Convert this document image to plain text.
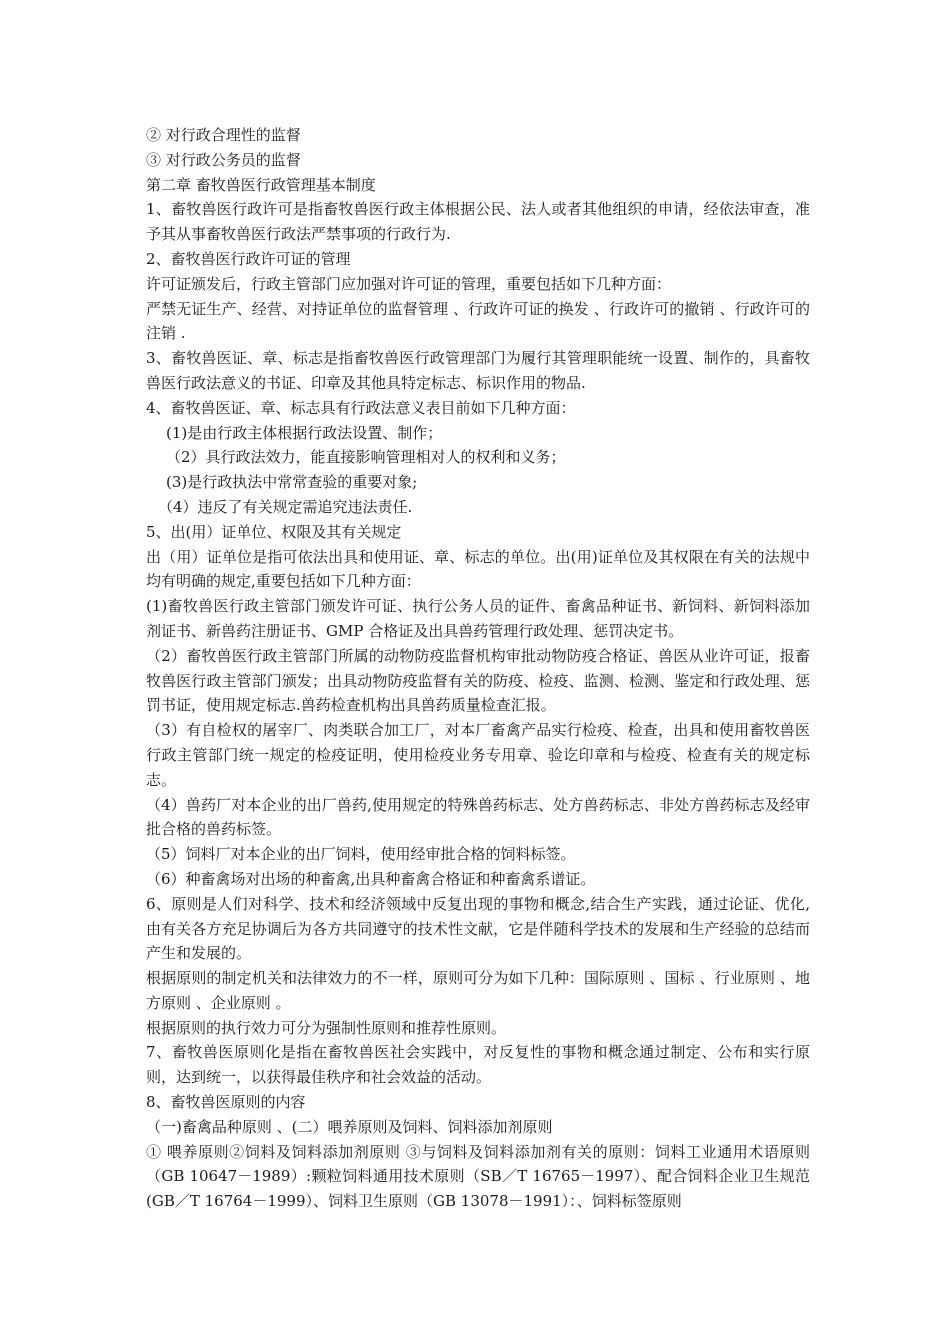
② 对行政合理性的监督

③ 对行政公务员的监督

第二章 畜牧兽医行政管理基本制度

1、畜牧兽医行政许可是指畜牧兽医行政主体根据公民、法人或者其他组织的申请，经依法审查，准予其从事畜牧兽医行政法严禁事项的行政行为.

2、畜牧兽医行政许可证的管理

许可证颁发后，行政主管部门应加强对许可证的管理，重要包括如下几种方面：

严禁无证生产、经营、对持证单位的监督管理 、行政许可证的换发 、行政许可的撤销 、行政许可的注销 .

3、畜牧兽医证、章、标志是指畜牧兽医行政管理部门为履行其管理职能统一设置、制作的，具畜牧兽医行政法意义的书证、印章及其他具特定标志、标识作用的物品.

4、畜牧兽医证、章、标志具有行政法意义表目前如下几种方面：

(1)是由行政主体根据行政法设置、制作；

（2）具行政法效力，能直接影响管理相对人的权利和义务；

(3)是行政执法中常常查验的重要对象;

（4）违反了有关规定需追究违法责任.

5、出(用）证单位、权限及其有关规定

出（用）证单位是指可依法出具和使用证、章、标志的单位。出(用)证单位及其权限在有关的法规中均有明确的规定,重要包括如下几种方面：

(1)畜牧兽医行政主管部门颁发许可证、执行公务人员的证件、畜禽品种证书、新饲料、新饲料添加剂证书、新兽药注册证书、GMP 合格证及出具兽药管理行政处理、惩罚决定书。

（2）畜牧兽医行政主管部门所属的动物防疫监督机构审批动物防疫合格证、兽医从业许可证，报畜牧兽医行政主管部门颁发；出具动物防疫监督有关的防疫、检疫、监测、检测、鉴定和行政处理、惩罚书证，使用规定标志.兽药检查机构出具兽药质量检查汇报。

（3）有自检权的屠宰厂、肉类联合加工厂，对本厂畜禽产品实行检疫、检查，出具和使用畜牧兽医行政主管部门统一规定的检疫证明，使用检疫业务专用章、验讫印章和与检疫、检查有关的规定标志。

（4）兽药厂对本企业的出厂兽药,使用规定的特殊兽药标志、处方兽药标志、非处方兽药标志及经审批合格的兽药标签。

（5）饲料厂对本企业的出厂饲料，使用经审批合格的饲料标签。

（6）种畜禽场对出场的种畜禽,出具种畜禽合格证和种畜禽系谱证。

6、原则是人们对科学、技术和经济领域中反复出现的事物和概念,结合生产实践，通过论证、优化,由有关各方充足协调后为各方共同遵守的技术性文献，它是伴随科学技术的发展和生产经验的总结而产生和发展的。

根据原则的制定机关和法律效力的不一样，原则可分为如下几种：国际原则 、国标 、行业原则 、地方原则 、企业原则 。

根据原则的执行效力可分为强制性原则和推荐性原则。

7、畜牧兽医原则化是指在畜牧兽医社会实践中，对反复性的事物和概念通过制定、公布和实行原则，达到统一，以获得最佳秩序和社会效益的活动。

8、畜牧兽医原则的内容

（一)畜禽品种原则 、(二）喂养原则及饲料、饲料添加剂原则

① 喂养原则②饲料及饲料添加剂原则 ③与饲料及饲料添加剂有关的原则：饲料工业通用术语原则（GB 10647－1989）:颗粒饲料通用技术原则（SB／T 16765－1997）、配合饲料企业卫生规范(GB／T 16764－1999）、饲料卫生原则（GB 13078－1991）：、饲料标签原则
